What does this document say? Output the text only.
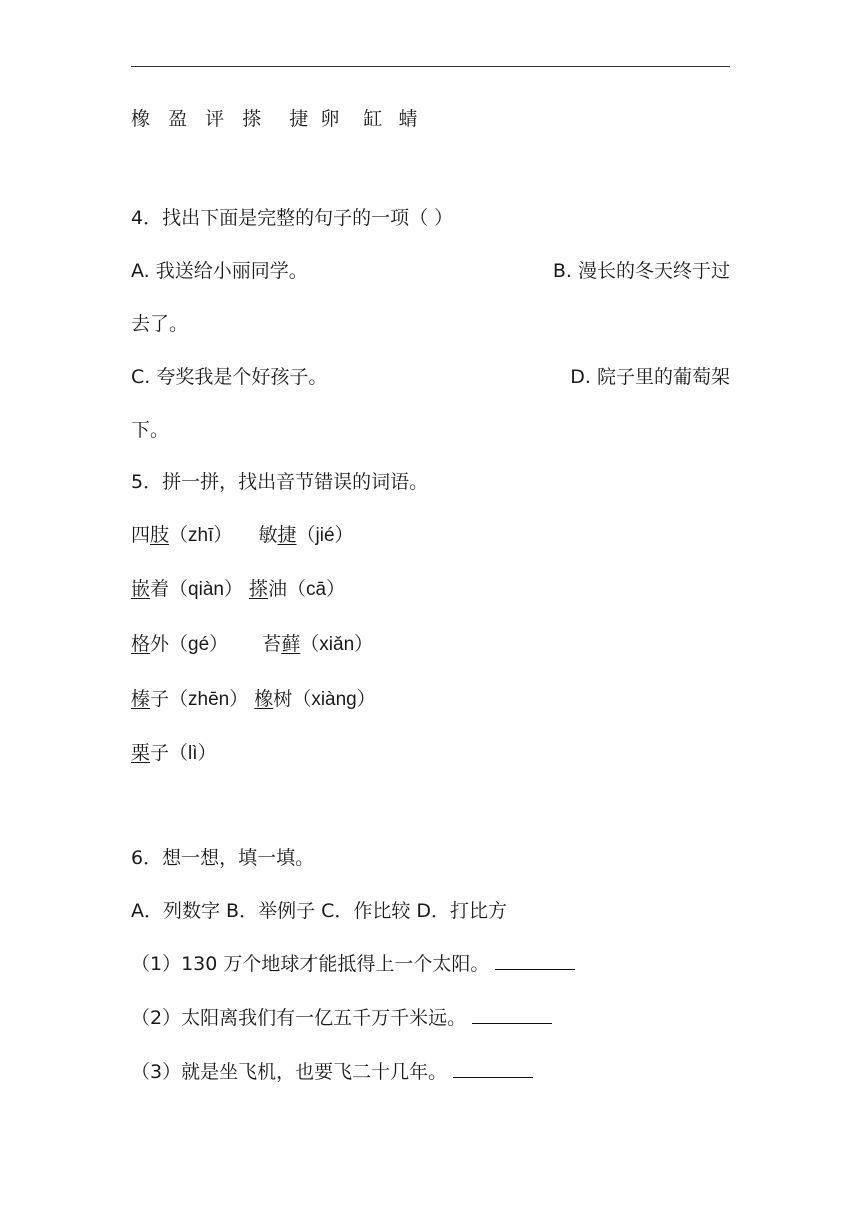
橡 盈 评 搽 捷 卵 缸 蜻
4．找出下面是完整的句子的一项（ ）
A. 我送给小丽同学。	B. 漫长的冬天终于过
去了。
C. 夸奖我是个好孩子。	D. 院子里的葡萄架
下。
5．拼一拼，找出音节错误的词语。
四肢（zhī） 敏捷（jié）
嵌着（qiàn） 搽油（cā）
格外（gé） 苔藓（xiǎn）
榛子（zhēn） 橡树（xiàng）
栗子（lì）
6．想一想，填一填。
A．列数字 B．举例子 C．作比较 D．打比方
（1）130 万个地球才能抵得上一个太阳。
（2）太阳离我们有一亿五千万千米远。
（3）就是坐飞机，也要飞二十几年。
